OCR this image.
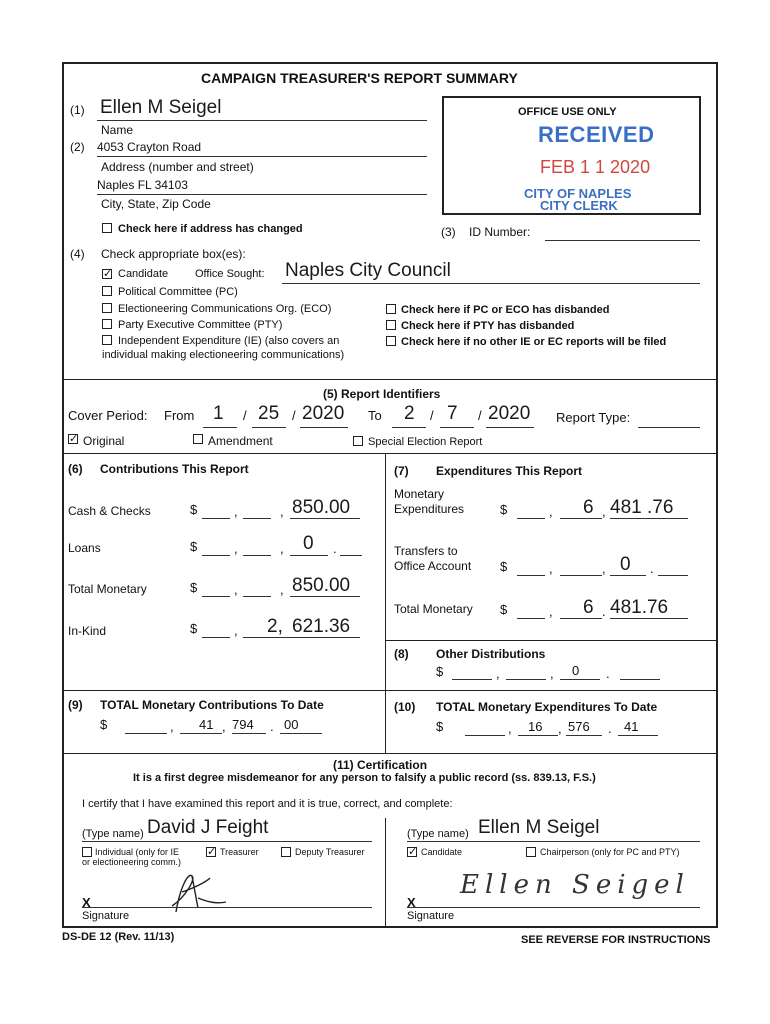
CAMPAIGN TREASURER'S REPORT SUMMARY
(1) Ellen M Seigel
Name
(2) 4053 Crayton Road
Address (number and street)
Naples FL 34103
City, State, Zip Code
Check here if address has changed
OFFICE USE ONLY
RECEIVED
FEB 1 1 2020
CITY OF NAPLES
CITY CLERK
(3) ID Number:
(4) Check appropriate box(es):
✓
Candidate Office Sought: Naples City Council
Political Committee (PC)
Electioneering Communications Org. (ECO)
Party Executive Committee (PTY)
Independent Expenditure (IE) (also covers an
individual making electioneering communications)
Check here if PC or ECO has disbanded
Check here if PTY has disbanded
Check here if no other IE or EC reports will be filed
(5) Report Identifiers
Cover Period: From 1 / 25 / 2020 To 2 / 7 / 2020 Report Type:
✓
Original	Amendment	Special Election Report
(6) Contributions This Report
Cash & Checks	$	,	, 850.00
Loans	$	,	, 0 .
Total Monetary	$	,	, 850.00
In-Kind	$	, 2, 621.36
(7) Expenditures This Report
Monetary
Expenditures	$	, 6 , 481 .76
Transfers to
Office Account $	,	, 0 .
Total Monetary $	, 6 . 481.76
(8) Other Distributions
$	,	, 0 .
(9) TOTAL Monetary Contributions To Date
$	, 41 , 794 . 00
(10) TOTAL Monetary Expenditures To Date
$	, 16 , 576 . 41
(11) Certification
It is a first degree misdemeanor for any person to falsify a public record (ss. 839.13, F.S.)
I certify that I have examined this report and it is true, correct, and complete:
(Type name) David J Feight
Individual (only for IE
or electioneering comm.)
✓
Treasurer	Deputy Treasurer
X
Signature
(Type name) Ellen M Seigel
✓
Candidate	Chairperson (only for PC and PTY)
X
Ellen Seigel
Signature
DS-DE 12 (Rev. 11/13)	SEE REVERSE FOR INSTRUCTIONS
